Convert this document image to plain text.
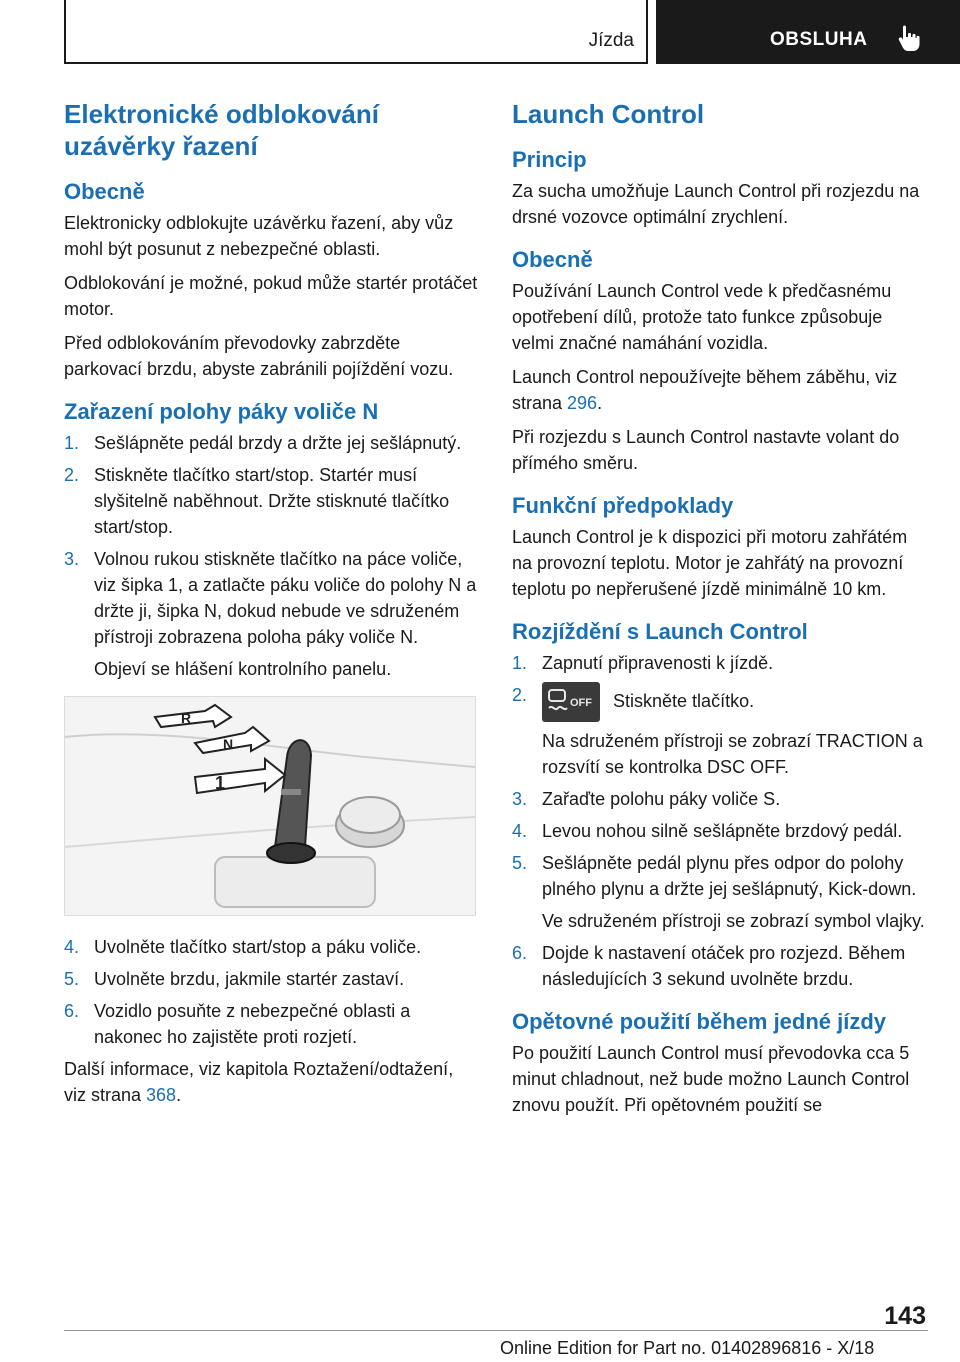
Jízda	OBSLUHA
Elektronické odblokování uzávěrky řazení
Obecně

Elektronicky odblokujte uzávěrku řazení, aby vůz mohl být posunut z nebezpečné oblasti.

Odblokování je možné, pokud může startér protáčet motor.

Před odblokováním převodovky zabrzděte parkovací brzdu, abyste zabránili pojíždění vozu.

Zařazení polohy páky voliče N
1. Sešlápněte pedál brzdy a držte jej sešlápnutý.
2. Stiskněte tlačítko start/stop. Startér musí slyšitelně naběhnout. Držte stisknuté tlačítko start/stop.
3. Volnou rukou stiskněte tlačítko na páce voliče, viz šipka 1, a zatlačte páku voliče do polohy N a držte ji, šipka N, dokud nebude ve sdruženém přístroji zobrazena poloha páky voliče N.
Objeví se hlášení kontrolního panelu.
R
N
1
4. Uvolněte tlačítko start/stop a páku voliče.
5. Uvolněte brzdu, jakmile startér zastaví.
6. Vozidlo posuňte z nebezpečné oblasti a nakonec ho zajistěte proti rozjetí.

Další informace, viz kapitola Roztažení/odtažení, viz strana 368.

Launch Control
Princip

Za sucha umožňuje Launch Control při rozjezdu na drsné vozovce optimální zrychlení.

Obecně

Používání Launch Control vede k předčasnému opotřebení dílů, protože tato funkce způsobuje velmi značné namáhání vozidla.

Launch Control nepoužívejte během záběhu, viz strana 296.

Při rozjezdu s Launch Control nastavte volant do přímého směru.

Funkční předpoklady

Launch Control je k dispozici při motoru zahřátém na provozní teplotu. Motor je zahřátý na provozní teplotu po nepřerušené jízdě minimálně 10 km.

Rozjíždění s Launch Control
1. Zapnutí připravenosti k jízdě.
2.	OFF Stiskněte tlačítko.
Na sdruženém přístroji se zobrazí TRACTION a rozsvítí se kontrolka DSC OFF.
3. Zařaďte polohu páky voliče S.
4. Levou nohou silně sešlápněte brzdový pedál.
5. Sešlápněte pedál plynu přes odpor do polohy plného plynu a držte jej sešlápnutý, Kick-down.
Ve sdruženém přístroji se zobrazí symbol vlajky.
6. Dojde k nastavení otáček pro rozjezd. Během následujících 3 sekund uvolněte brzdu.
Opětovné použití během jedné jízdy

Po použití Launch Control musí převodovka cca 5 minut chladnout, než bude možno Launch Control znovu použít. Při opětovném použití se

143
Online Edition for Part no. 01402896816 - X/18
